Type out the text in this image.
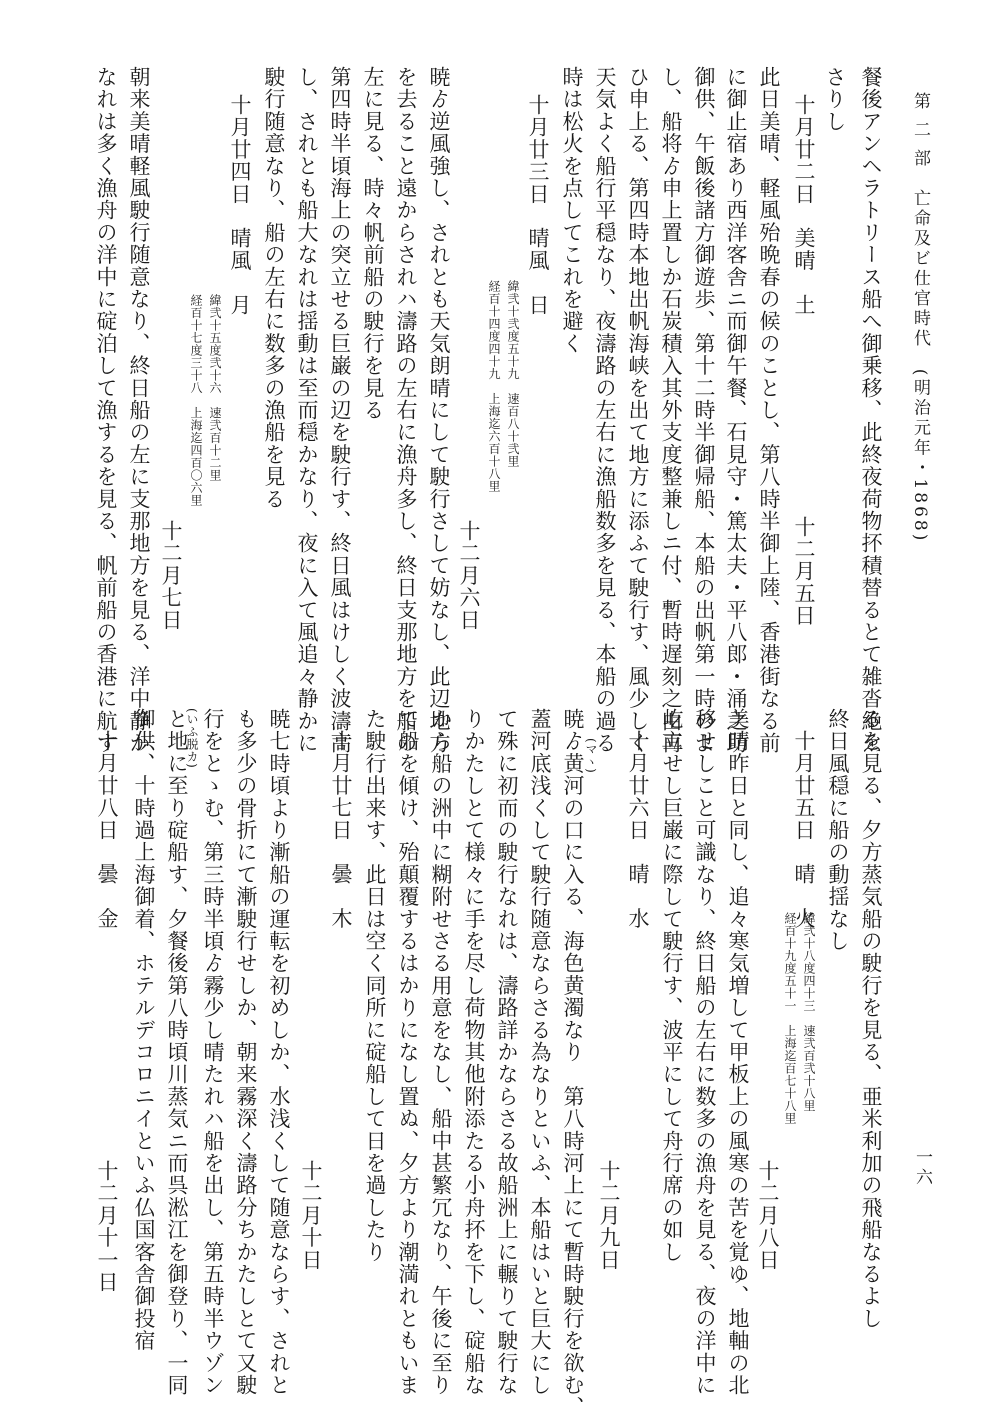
第 二 部　亡命及ビ仕官時代　(明治元年・1868)
一六
餐後アンヘラトリース船へ御乗移、此終夜荷物抔積替るとて雑沓絶ゑ
さりし
十月廿二日　美晴　土　　　　　　　　　十二月五日
此日美晴、軽風殆晩春の候のことし、第八時半御上陸、香港街なる前
に御止宿あり西洋客舎ニ而御午餐、石見守・篤太夫・平八郎・涌之助
御供、午飯後諸方御遊歩、第十二時半御帰船、本船の出帆第一時のよ
し、船将ゟ申上置しか石炭積入其外支度整兼しニ付、暫時遅刻之由再
ひ申上る、第四時本地出帆海峡を出て地方に添ふて駛行す、風少しく
天気よく船行平穏なり、夜濤路の左右に漁船数多を見る、本船の過る
時は松火を点してこれを避く
十月廿三日　晴風　日
緯弐十弐度五十九　速百八十弐里
経百十四度四十九　上海迄六百十八里
十二月六日
暁ゟ逆風強し、されとも天気朗晴にして駛行さして妨なし、此辺地方
を去ること遠からされハ濤路の左右に漁舟多し、終日支那地方を船の
左に見る、時々帆前船の駛行を見る
第四時半頃海上の突立せる巨巌の辺を駛行す、終日風はけしく波濤高
し、されとも船大なれは揺動は至而穏かなり、夜に入て風追々静かに
駛行随意なり、船の左右に数多の漁船を見る
十月廿四日　晴風　月
緯弐十五度弐十六　速弐百十二里
経百十七度三十八　上海迄四百〇六里
十二月七日
朝来美晴軽風駛行随意なり、終日船の左に支那地方を見る、洋中静か
なれは多く漁舟の洋中に碇泊して漁するを見る、帆前船の香港に航す
るを見る、夕方蒸気船の駛行を見る、亜米利加の飛船なるよし
終日風穏に船の動揺なし
十月廿五日　晴　火
緯弐十八度四十三　速弐百弐十八里
経百十九度五十一　上海迄百七十八里
十二月八日
美晴昨日と同し、追々寒気増して甲板上の風寒の苦を覚ゆ、地軸の北
移せしこと可識なり、終日船の左右に数多の漁舟を見る、夜の洋中に
屹立せし巨巌に際して駛行す、波平にして舟行席の如し
十月廿六日　晴　水
十二月九日
(マヽ)
暁ゟ黄河の口に入る、海色黄濁なり　第八時河上にて暫時駛行を欲む、
蓋河底浅くして駛行随意ならさる為なりといふ、本船はいと巨大にし
て殊に初而の駛行なれは、濤路詳かならさる故船洲上に輾りて駛行な
りかたしとて様々に手を尽し荷物其他附添たる小舟抔を下し、碇船な
から船の洲中に糊附せさる用意をなし、船中甚繁冗なり、午後に至り
て船を傾け、殆顛覆するはかりになし置ぬ、夕方より潮満れともいま
た駛行出来す、此日は空く同所に碇船して日を過したり
十月廿七日　曇　木
十二月十日
暁七時頃より漸船の運転を初めしか、水浅くして随意ならす、されと
も多少の骨折にて漸駛行せしか、朝来霧深く濤路分ちかたしとて又駛
行をとゝむ、第三時半頃ゟ霧少し晴たれハ船を出し、第五時半ウゾン
(いふ脱カ)
と地に至り碇船す、夕餐後第八時頃川蒸気ニ而呉淞江を御登り、一同
御供、十時過上海御着、ホテルデコロニイといふ仏国客舎御投宿
十月廿八日　曇　金
十二月十一日
